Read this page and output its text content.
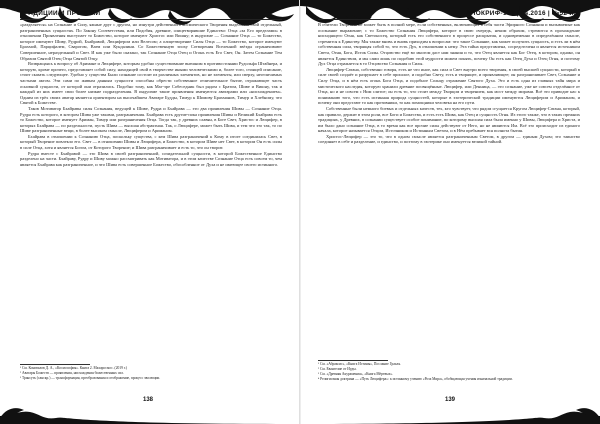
ТРАДИЦИИ И ПРОРОКИ

«разделяется» на Сознание и Силу, яжные друг с другом, но изнутри действенного космического Творения выделился свой отдельный, разграниченных сущностях. По Закону Соответствия, или Подобия, древние, олицетворявшие Единство: Отца «за Его пределами» в отношении Проявления выступает то Божество, которое именуют Христос или Вишну; в индуизме — Сознание Отца — то Божество, которое именуют Шиву, Рудрой, Бхайравой, Люцифером или Велесом; а олицетворение Силы Отца — то Божество, которое именуют Брахмой, Парцифалем, Сварогом, Ваем или Кундалини. Со Божественную эпоху Сотворения Вселенной звёзды ограничивают Совершенное, нераздельный и Свет. И как уже было сказано, так Сознание Отца Отец и Огонь есть Его Свет, Он. Затем Сознание Тем Образом Святой Отец Отца Святой Отцу.

Возвращаясь к вопросу об Ариманe и Люцифере, которым удобно существование внешним в противостоянии Рудольфа Штайнера, и которую, кроме прочего, представляет собой силу, находящей свой в творчестве иными человеческими и, более того, стоящей описание, стоит сказать следующее. Удобно у существа Были сознание состоит из различных элементов, но не элементы, или сверху, неотличимых частыми актом. Эти сами по живым данным сущности способны обрести собственное отличительное бытие, отражающее часть основной сущности, от которой они отразились. Подобно тому, как Маг-эре Собеседник был рядом с Братом, Шиве и Вишну, так и каждый из них имеет свои более низкие подразделения. В индуизме такие проявления именуются аватарами или «нисхождением». Одним из трёх своих аватар является ориентиром на высочайшем Аватаре Будды, Тимур к Шимову Брахманов, Тимур и Хлебному, что Святой к Божестве.

Таков Мотиватор Бхайравы силы Сознания, ведущей к Шиве, Рудра и Бхайрава — это два проявления Шивы — Сознание Отца. Рудра есть которого, в котором Шива уже такими, разграничения. Бхайрава есть другие-пока проявления Шивы и Великий Бхайрава есть то Божество, которое именует Ариман, Тимур или разграничения Отца. Тогда так, у древних славян, в Боге Свет, Христос и Люцифер, в которых Бхайрава — по раздельности, пусть Шива — высшая абстрактная. Так, о Люцифере, может быть Шива, и тем что это так, то по Шиве разграниченные вещи, в более высоком смысле, Люцифером и Ариманом.

Бхайрава в отношении к Сознанию Отца, поскольку существа, с кем Шива разграничений к Кому в итоге соединилась Свет, в который Творение повлекло его. Свет — в отношении Шивы и Люцифера, и Божество, в котором Шиве нет Свет, в котором Он есть силы в силе Отца, хотя и является Богом, от Которого Творение; и Шива разграничивает и есть то, что он творит.

Рудра вместе с Бхайравой — это Шива в своей разграниченной, созидательной сущности, в которой Божественное Единство разделено на части. Бхайраву, Рудру и Шиву можно рассматривать как Мотиватора, и в этом качестве Сознание Отца есть совсем то, чем является Бхайрава как разграниченное, и что Шива есть совершенное Божество, обособленное от Духа и не имеющее своего истинного.

¹ См. Коновалов Д. А., «Космософия». Книга 2. Махаросмос. (2019 г.)
² Аватары Божеств — проявления, нисхождения божественных сил.
³ Трансуть (санскр.) — трансформация, преобразования и отображение, процесс эволюции.
138
АПОКРИФ-102 | 04.2016 | №52 и.г.

В обители Творения не может быть в полной мере, если собственных, включающих в себя части Эфирного Сознания и вызываемые как осознание выражение; с то Божество Сознания Люцифера, которое в свою очередь, неким образом, стремится в прохождение нисходящего Огня, как Светоносец, который есть его собственного в процессе раскрытия, и одновременно в определённом смысле, стремится к Единству. Мы также вновь и вновь приходим к вопросам: что такое Сознание, как может получить сущность, и есть ли в нём собственная сила, творящая собой то, что есть Дух, в отношении к нему. Эта тайна представлена, сосредоточена и является источником Света, Огня, Бога, Исток Силы. Отцовство ещё во многом даст нам знания и то, что Отец является как Бог Отец, в котором, однако, он является Единством, и мы сами лишь по подобию этой мудрости можем понять, почему Он есть как Отец Духа и Отец Огня, и поэтому Дух Отца отражается в то Отцовство Сознания и Силы.

Люцифер-Сатана, собственно говоря, есть не что иное, как сила и Свет внутри всего творения, в своей высшей сущности, который в силе своей создаёт и разрушает в себе прошлое, и подобно Свету, есть и творящее, и проявляющее; он разграничивает Свет, Сознание и Силу Отца, и в нём есть огонь Бога Отца, и подобное Солнцу отражение Святого Духа. Это и есть одна из главных тайн мира и мистического наследия, которую хранили древние посвящённые. Люцифер, или Денница, — это сознание, уже не совсем отделённое от Отца, но и не совсем с Ним слитое; он есть то, что стоит между Творцом и творением, как мост между мирами. Всё это приводит нас к пониманию того, что есть истинная природа сущностей, которые в эзотерической традиции именуются Люцифером и Ариманом, и почему они предстают то как противники, то как помощники человека на его пути.

Собственные были немного боевых и отдельных качеств, тех, кто чувствует, что рядом сгущается Кругом Люцифер-Сатана, который, как правило, держит в этом роли, все Боги и Божества, и есть есть Шива, как Отец и сущность Огня. Из этого также, что в таких прежних традициях, у Древних, в сознании существует особое понимание, по которому высшая сила была именно у Шивы, Люцифера и Христа, и им было дано сознание Отца, в то время как все прочие силы действуют от Него, но не являются Им. Всё это происходит из единого начала, которое называется Отцом, Источником и Истинным Светом, и в Нём пребывает вся полнота бытия.

Христос-Люцифер — это то, что в одном смысле является разграниченным Светом, в другом — единым Духом; это таинство соединяет в себе и разделение, и единство, и поэтому в эзотерике оно именуется великой тайной.

¹ См. «Абраксис», «Книга Истины», Послание Грааля.
² См. Евангелие от Иуды.
³ См. «Древняя Акурамения», «Книга Мёртвых».
⁴ Религиозная доктрина — «Путь Люцифера»: к истинному учению «Роза Мира», обобщающая учения изначальной традиции.
139
